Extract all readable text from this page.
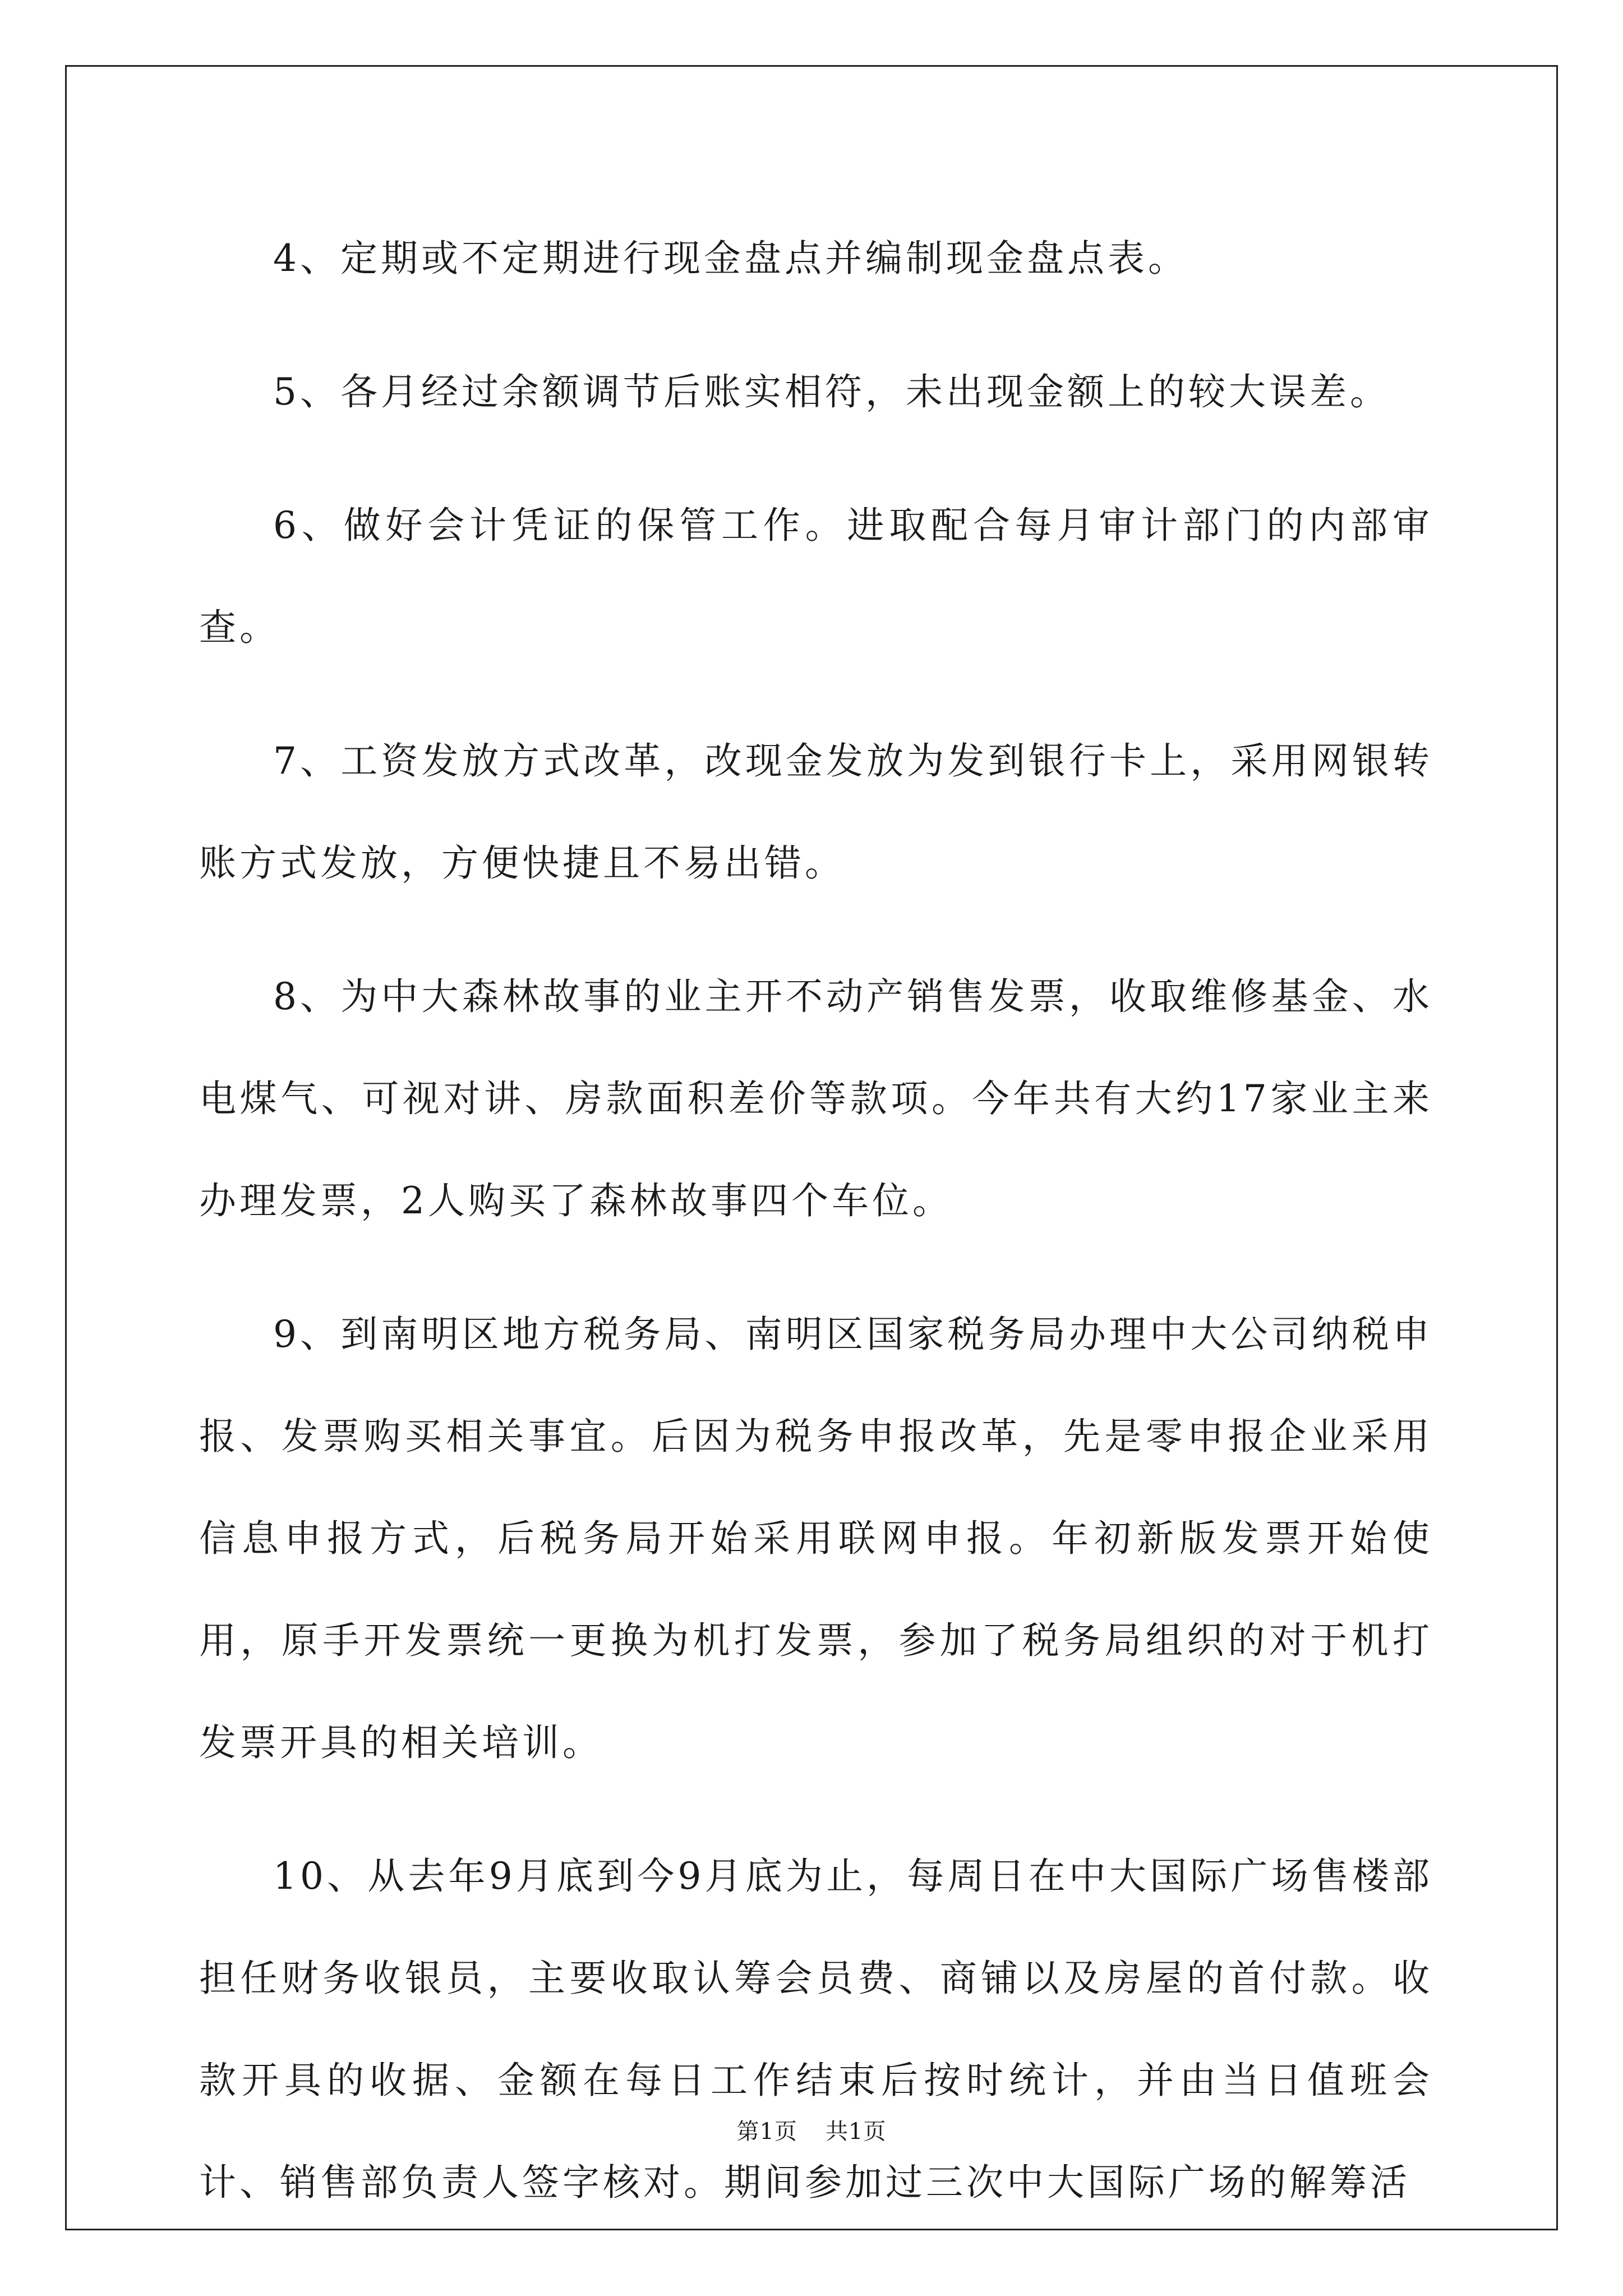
4、定期或不定期进行现金盘点并编制现金盘点表。

5、各月经过余额调节后账实相符，未出现金额上的较大误差。

6、做好会计凭证的保管工作。进取配合每月审计部门的内部审查。

7、工资发放方式改革，改现金发放为发到银行卡上，采用网银转账方式发放，方便快捷且不易出错。

8、为中大森林故事的业主开不动产销售发票，收取维修基金、水电煤气、可视对讲、房款面积差价等款项。今年共有大约17家业主来办理发票，2人购买了森林故事四个车位。

9、到南明区地方税务局、南明区国家税务局办理中大公司纳税申报、发票购买相关事宜。后因为税务申报改革，先是零申报企业采用信息申报方式，后税务局开始采用联网申报。年初新版发票开始使用，原手开发票统一更换为机打发票，参加了税务局组织的对于机打发票开具的相关培训。

10、从去年9月底到今9月底为止，每周日在中大国际广场售楼部担任财务收银员，主要收取认筹会员费、商铺以及房屋的首付款。收款开具的收据、金额在每日工作结束后按时统计，并由当日值班会计、销售部负责人签字核对。期间参加过三次中大国际广场的解筹活

第1页 共1页
